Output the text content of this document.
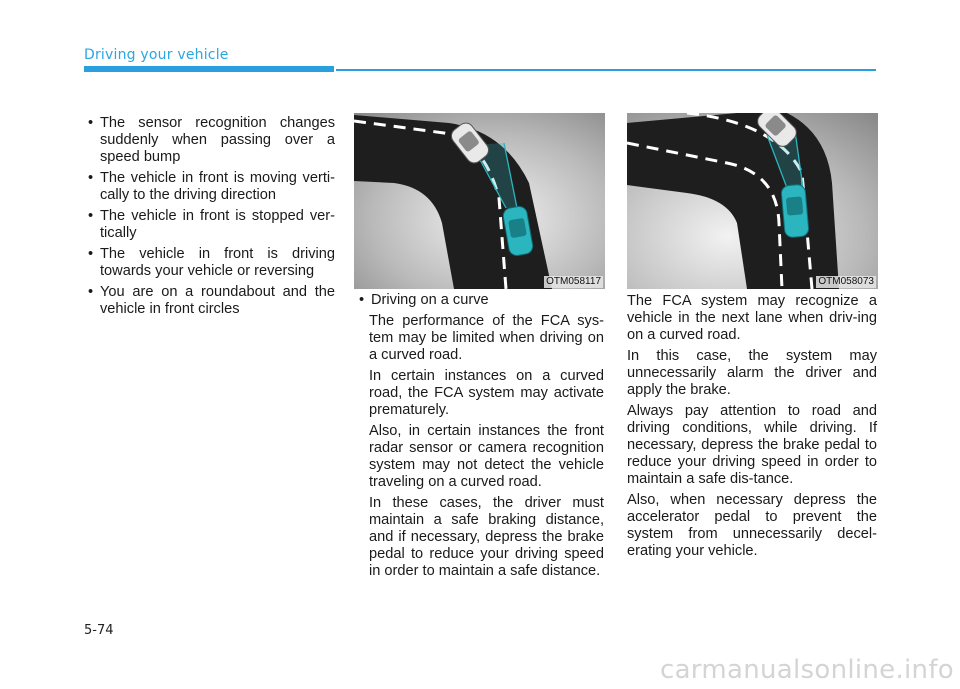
Driving your vehicle
• The sensor recognition changes suddenly when passing over a speed bump
• The vehicle in front is moving verti-cally to the driving direction
• The vehicle in front is stopped ver-tically
• The vehicle in front is driving towards your vehicle or reversing
• You are on a roundabout and the vehicle in front circles
OTM058117	OTM058073
• Driving on a curve

The performance of the FCA sys-tem may be limited when driving on a curved road.

In certain instances on a curved road, the FCA system may activate prematurely.

Also, in certain instances the front radar sensor or camera recognition system may not detect the vehicle traveling on a curved road.

In these cases, the driver must maintain a safe braking distance, and if necessary, depress the brake pedal to reduce your driving speed in order to maintain a safe distance.

The FCA system may recognize a vehicle in the next lane when driv-ing on a curved road.

In this case, the system may unnecessarily alarm the driver and apply the brake.

Always pay attention to road and driving conditions, while driving. If necessary, depress the brake pedal to reduce your driving speed in order to maintain a safe dis-tance.

Also, when necessary depress the accelerator pedal to prevent the system from unnecessarily decel-erating your vehicle.

5-74
carmanualsonline.info
